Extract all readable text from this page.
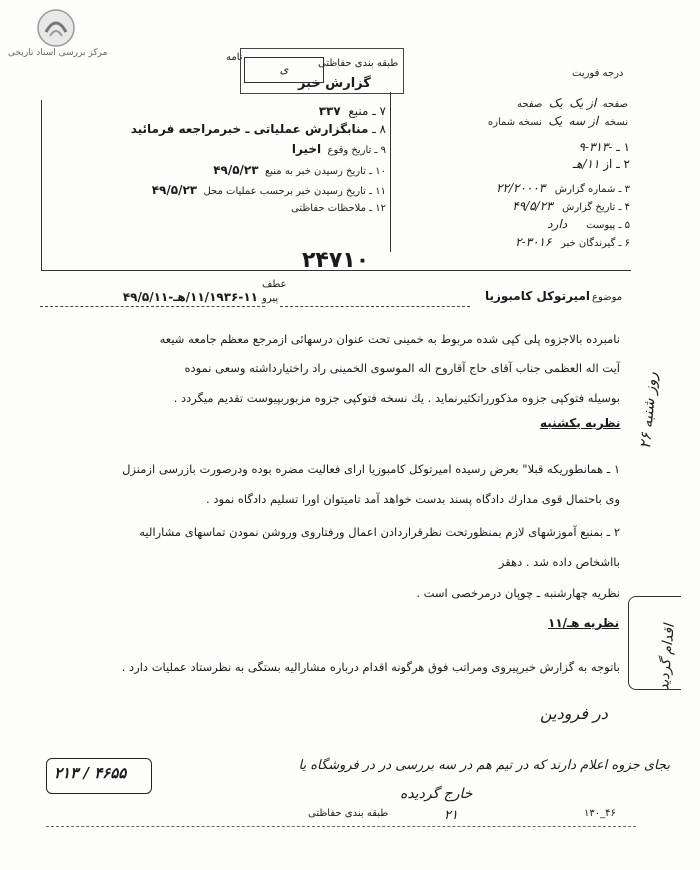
مرکز بررسی اسناد تاریخی	نامه
ی	طبقه بندی حفاظتی
گزارش خبر
درجه فوریت
صفحه  از یک  یک  صفحه
نسخه  از سه  یک  نسخه شماره
۱ ـ -۳۱۳-۹
۲ ـ از ۱۱/هـ
۳ ـ شماره گزارش   ۲۲/۲۰۰۰۳
۴ ـ تاریخ گزارش   ۴۹/۵/۲۳
۵ ـ پیوست      دارد
۶ ـ گیرندگان خبر   ۳۰۱۶-۲
۷ ـ منبع  ۳۳۷
۸ ـ منابگزارش عملیاتی ـ خبرمراجعه فرمائید
۹ ـ تاریخ وقوع  اخیرا
۱۰ ـ تاریخ رسیدن خبر به منبع  ۴۹/۵/۲۳
۱۱ ـ تاریخ رسیدن خبر برحسب عملیات محل  ۴۹/۵/۲۳
۱۲ ـ ملاحظات حفاظتی
۲۴۷۱۰
عطف
پیرو
۱۱/۱۹۳۶-۱۱/هـ-۴۹/۵/۱۱	موضوع
امیرتوکل کامبوزیا
نامبرده بالاجزوه پلی کپی شده مربوط به خمینی تحت عنوان درسهائی ازمرجع معظم جامعه شیعه
آیت اله العظمی جناب آقای حاج آقاروح اله الموسوی الخمینی راد راختیارداشته وسعی نموده
بوسیله فتوکپی جزوه مذکورراتکثیرنماید . یك نسخه فتوکپی جزوه مزبوربپیوست تقدیم میگردد .
نظریه یکشنبه
۱ ـ همانطوریکه قبلا" بعرض رسیده امیرتوکل کامبوزیا ارای فعالیت مضره بوده ودرصورت بازرسی ازمنزل
وی باحتمال قوی مدارك دادگاه پسند بدست خواهد آمد تامیتوان اورا تسلیم دادگاه نمود .
۲ ـ بمنبع آموزشهای لازم بمنظورتحت نظرقراردادن اعمال ورفتاروی وروشن نمودن تماسهای مشارالیه
بااشخاص داده شد . دهقر
نظریه چهارشنبه ـ چوپان درمرخصی است .
نظریه هـ/۱۱
باتوجه به گزارش خبرپیروی ومراتب فوق هرگونه اقدام درباره مشارالیه بستگی به نظرستاد عملیات دارد .
روز شنبه ۲۶
اقدام گردید
در فرودین
بجای جزوه اعلام دارند که در تیم هم در سه بررسی در در فروشگاه یا
خارج گرديده
۴۶۵۵ / ۲۱۳
طبقه بندی حفاظتی	۲۱	۴۶_۱۳۰
